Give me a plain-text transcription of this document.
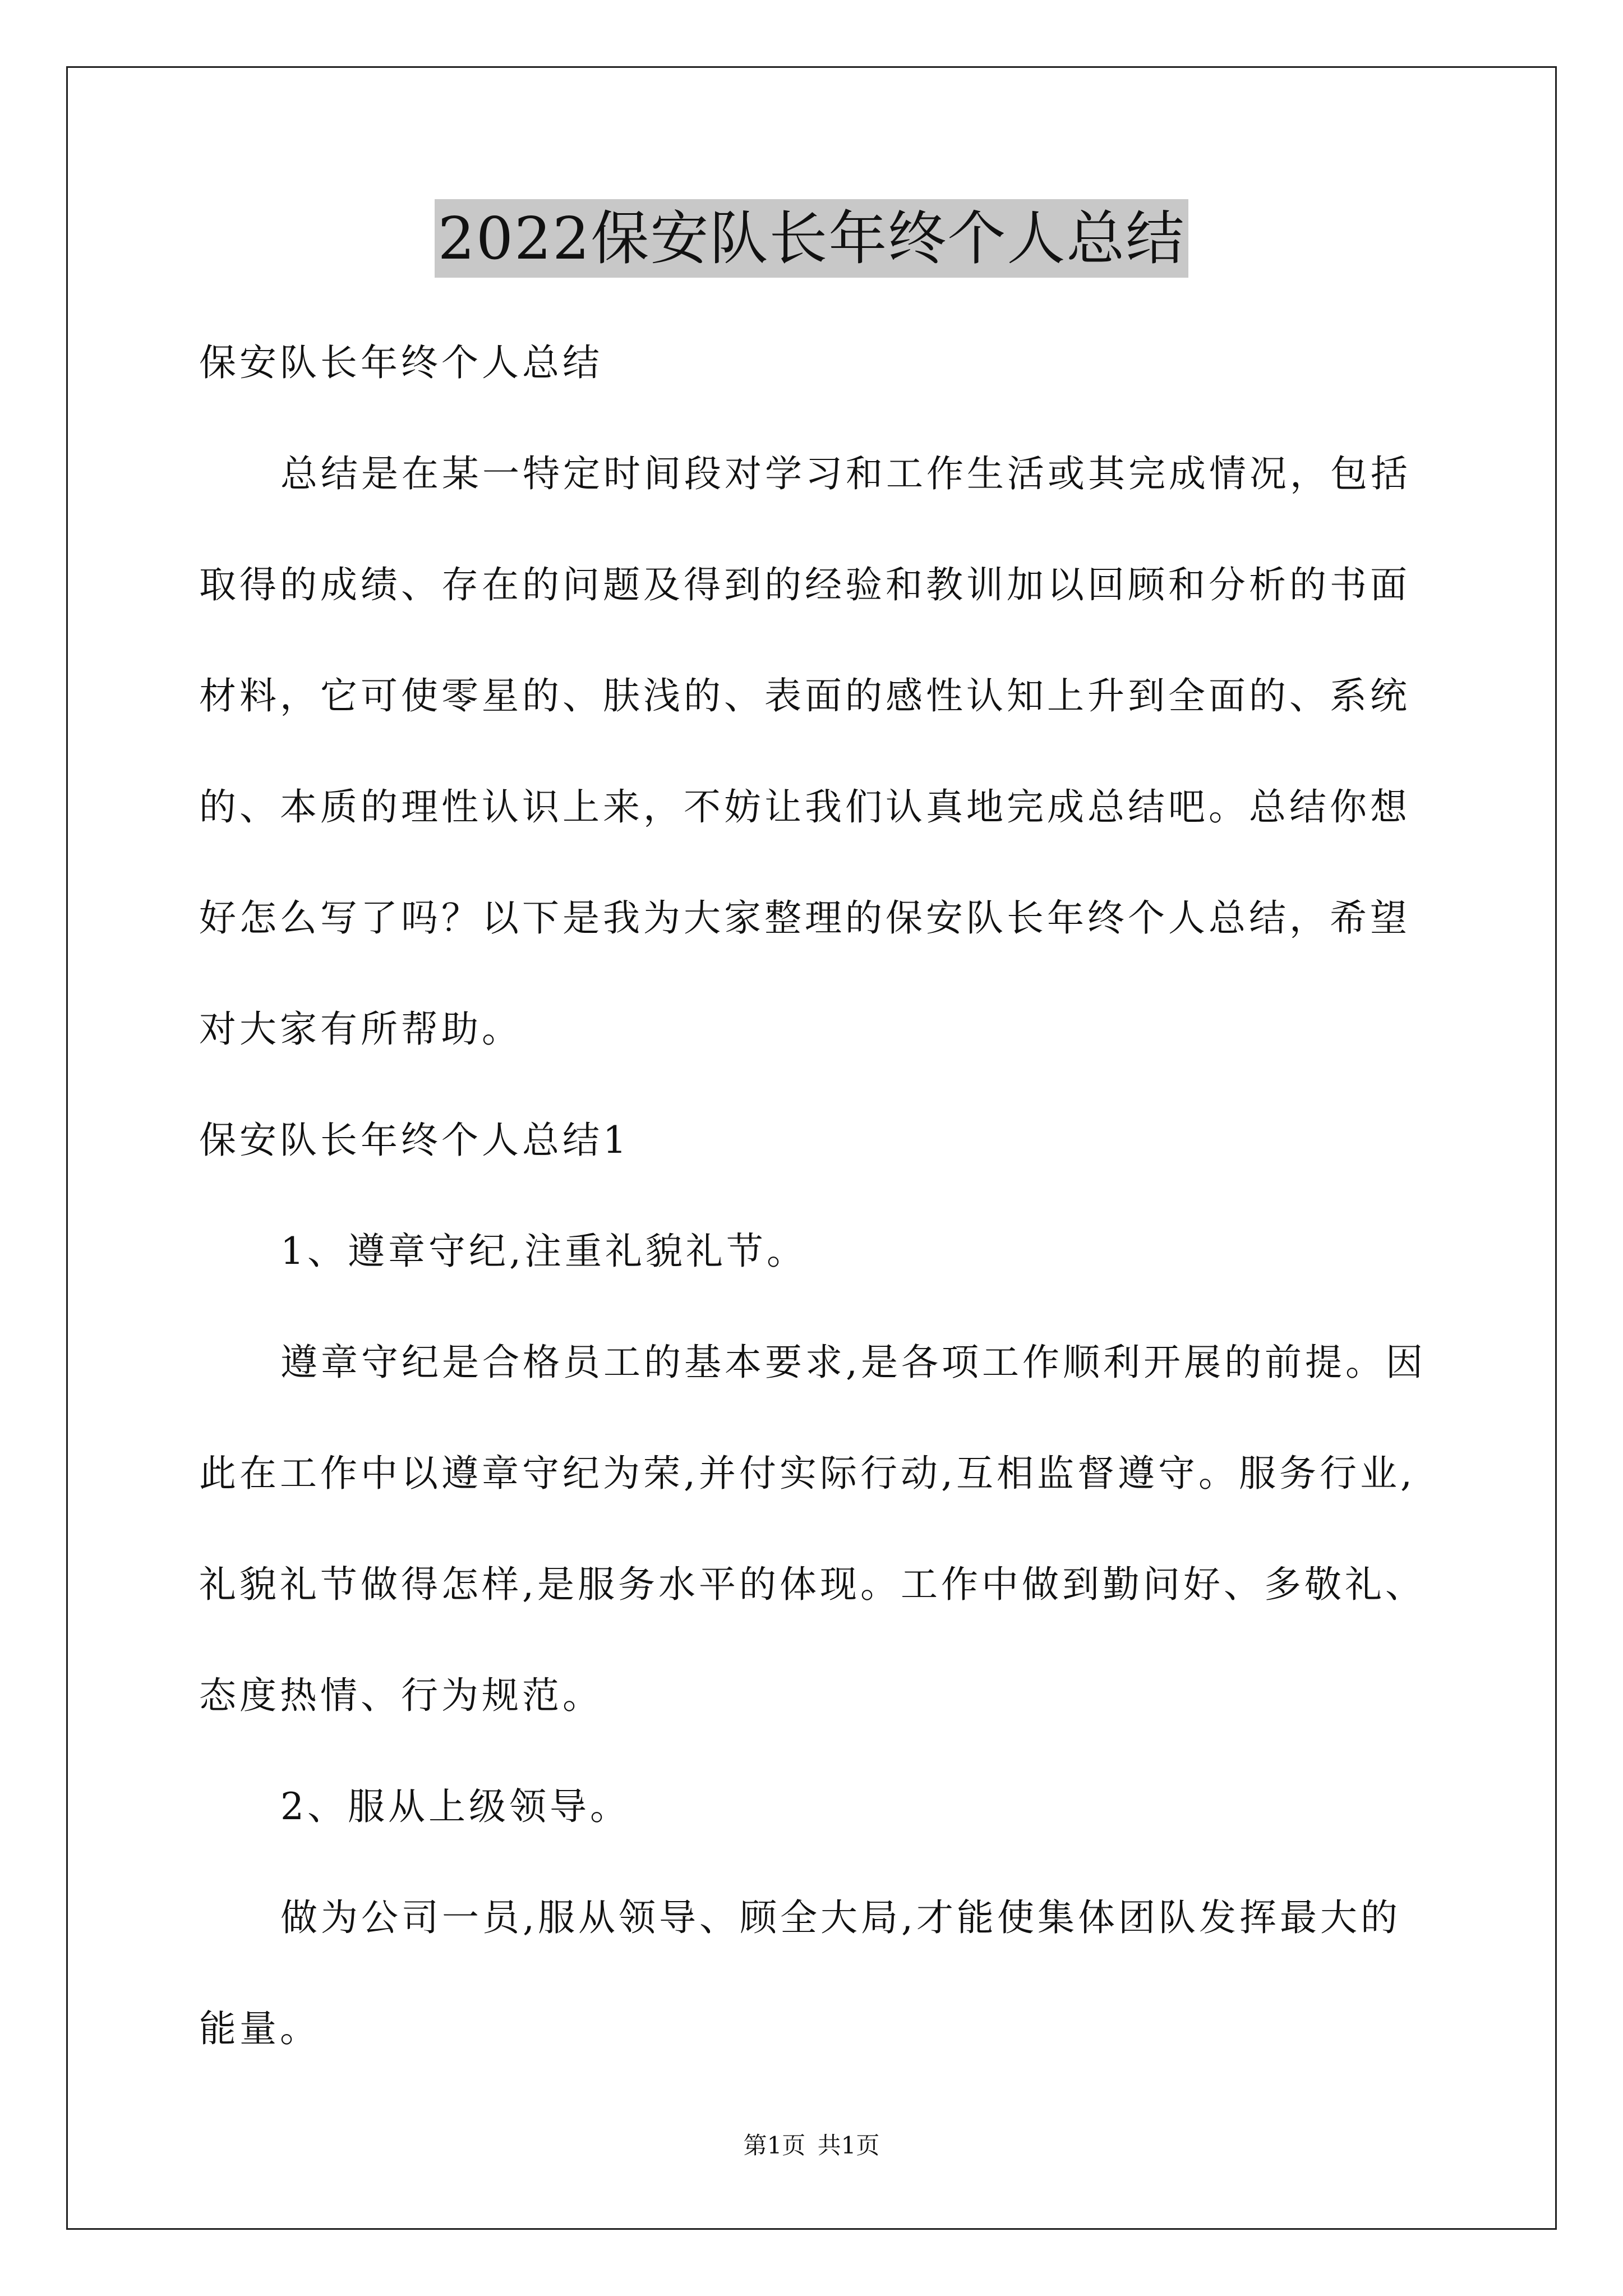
2022保安队长年终个人总结
保安队长年终个人总结
总结是在某一特定时间段对学习和工作生活或其完成情况，包括
取得的成绩、存在的问题及得到的经验和教训加以回顾和分析的书面
材料，它可使零星的、肤浅的、表面的感性认知上升到全面的、系统
的、本质的理性认识上来，不妨让我们认真地完成总结吧。总结你想
好怎么写了吗？以下是我为大家整理的保安队长年终个人总结，希望
对大家有所帮助。
保安队长年终个人总结1
1、遵章守纪,注重礼貌礼节。
遵章守纪是合格员工的基本要求,是各项工作顺利开展的前提。因
此在工作中以遵章守纪为荣,并付实际行动,互相监督遵守。服务行业,
礼貌礼节做得怎样,是服务水平的体现。工作中做到勤问好、多敬礼、
态度热情、行为规范。
2、服从上级领导。
做为公司一员,服从领导、顾全大局,才能使集体团队发挥最大的
能量。
第1页 共1页
